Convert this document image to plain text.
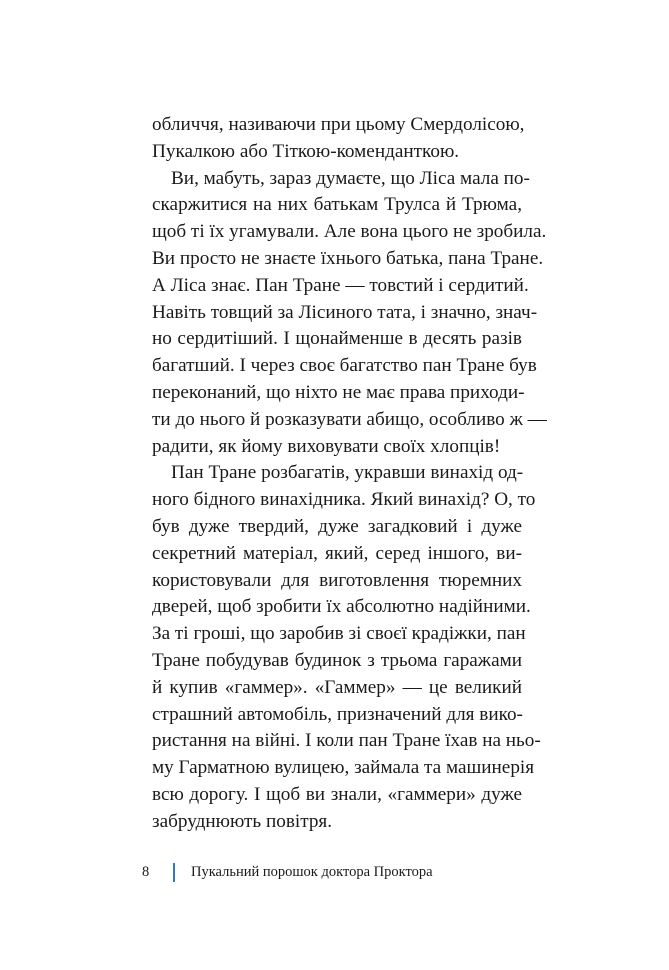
обличчя, називаючи при цьому Смердолісою,
Пукалкою або Тіткою-коменданткою.
Ви, мабуть, зараз думаєте, що Ліса мала по-
скаржитися на них батькам Трулса й Трюма,
щоб ті їх угамували. Але вона цього не зробила.
Ви просто не знаєте їхнього батька, пана Тране.
А Ліса знає. Пан Тране — товстий і сердитий.
Навіть товщий за Лісиного тата, і значно, знач-
но сердитіший. І щонайменше в десять разів
багатший. І через своє багатство пан Тране був
переконаний, що ніхто не має права приходи-
ти до нього й розказувати абищо, особливо ж —
радити, як йому виховувати своїх хлопців!
Пан Тране розбагатів, укравши винахід од-
ного бідного винахідника. Який винахід? О, то
був дуже твердий, дуже загадковий і дуже
секретний матеріал, який, серед іншого, ви-
користовували для виготовлення тюремних
дверей, щоб зробити їх абсолютно надійними.
За ті гроші, що заробив зі своєї крадіжки, пан
Тране побудував будинок з трьома гаражами
й купив «гаммер». «Гаммер» — це великий
страшний автомобіль, призначений для вико-
ристання на війні. І коли пан Тране їхав на ньо-
му Гарматною вулицею, займала та машинерія
всю дорогу. І щоб ви знали, «гаммери» дуже
забруднюють повітря.
8	Пукальний порошок доктора Проктора
